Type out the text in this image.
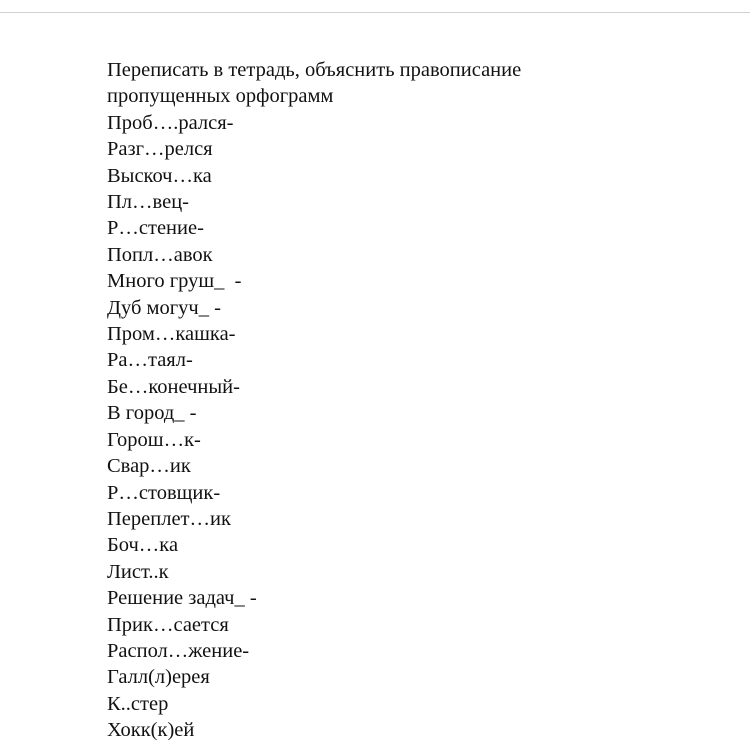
Переписать в тетрадь, объяснить правописание
пропущенных орфограмм
Проб….рался-
Разг…релся
Выскоч…ка
Пл…вец-
Р…стение-
Попл…авок
Много груш_  -
Дуб могуч_ -
Пром…кашка-
Ра…таял-
Бе…конечный-
В город_ -
Горош…к-
Свар…ик
Р…стовщик-
Переплет…ик
Боч…ка
Лист..к
Решение задач_ -
Прик…сается
Распол…жение-
Галл(л)ерея
К..стер
Хокк(к)ей
